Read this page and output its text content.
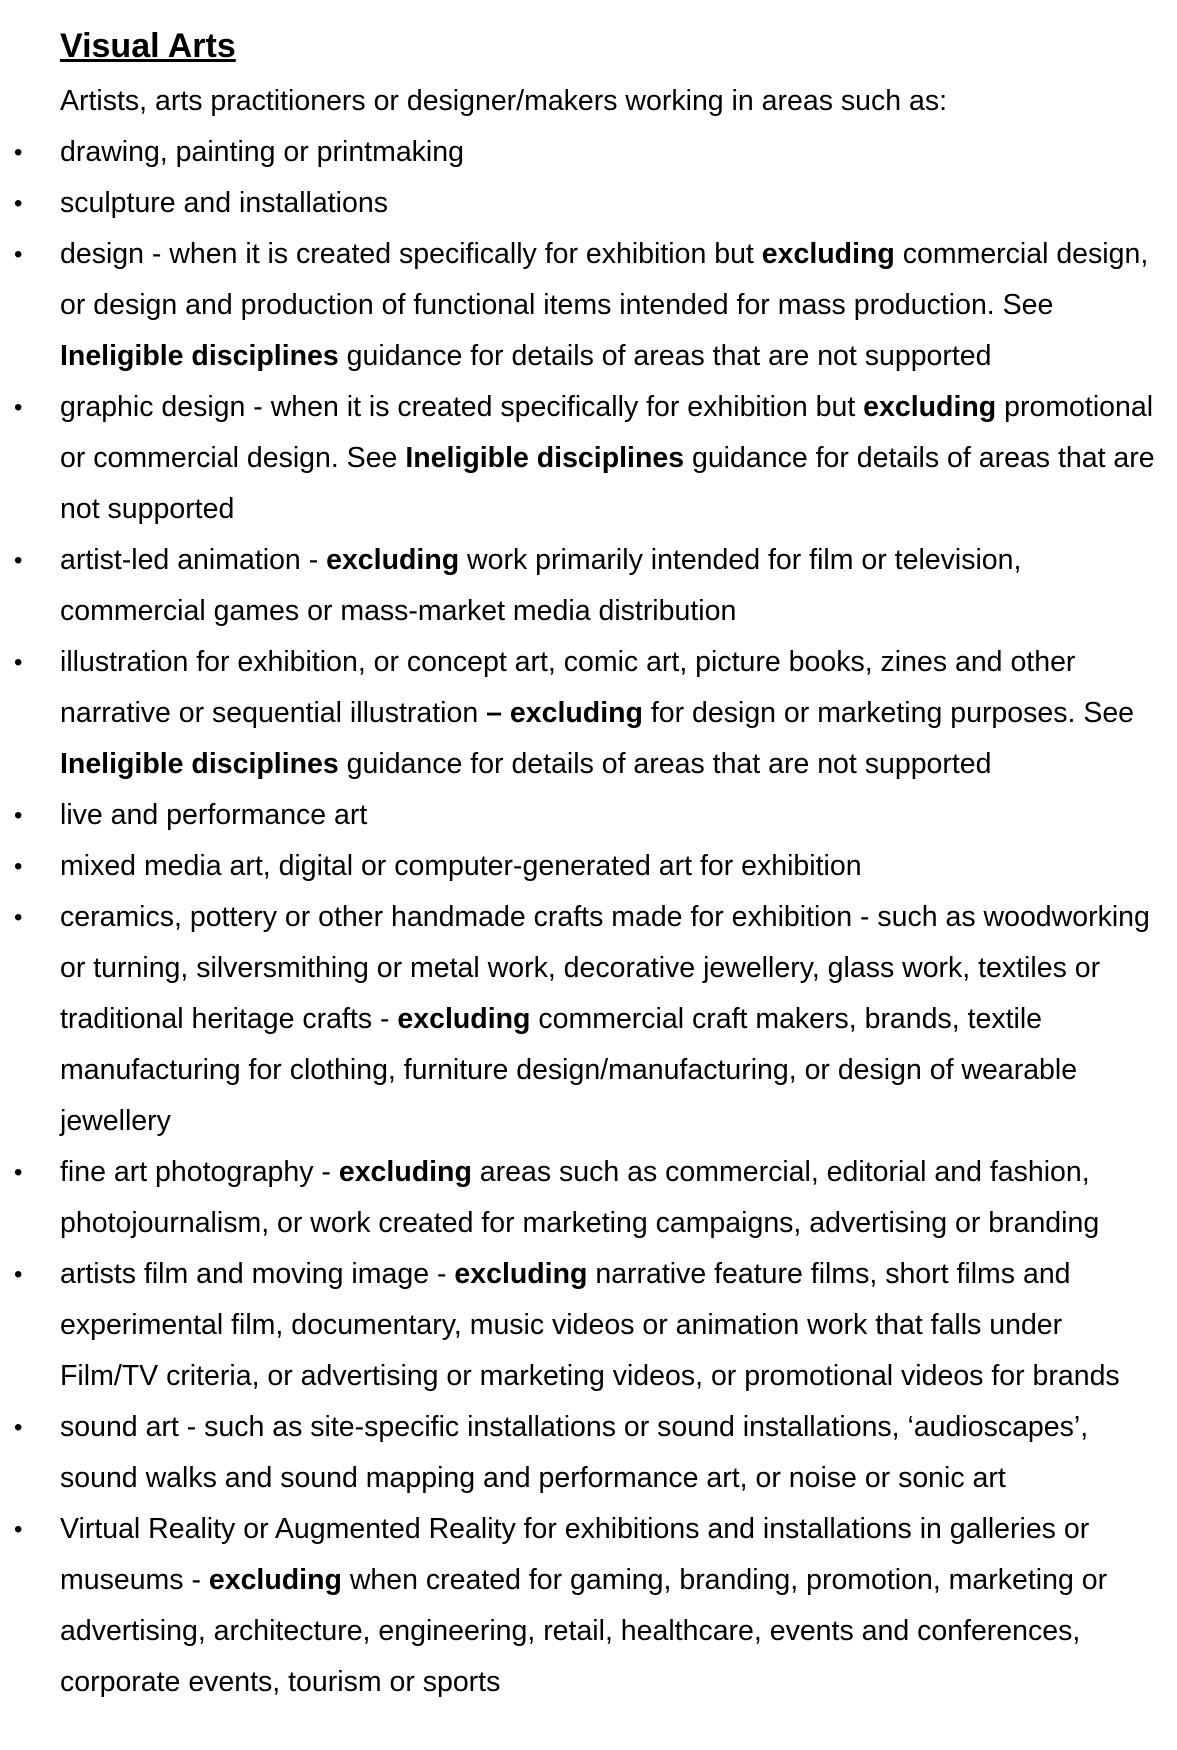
Visual Arts

Artists, arts practitioners or designer/makers working in areas such as:

• drawing, painting or printmaking
• sculpture and installations
• design - when it is created specifically for exhibition but excluding commercial design, or design and production of functional items intended for mass production. See Ineligible disciplines guidance for details of areas that are not supported
• graphic design - when it is created specifically for exhibition but excluding promotional or commercial design. See Ineligible disciplines guidance for details of areas that are not supported
• artist-led animation - excluding work primarily intended for film or television, commercial games or mass-market media distribution
• illustration for exhibition, or concept art, comic art, picture books, zines and other narrative or sequential illustration – excluding for design or marketing purposes. See Ineligible disciplines guidance for details of areas that are not supported
• live and performance art
• mixed media art, digital or computer-generated art for exhibition
• ceramics, pottery or other handmade crafts made for exhibition - such as woodworking or turning, silversmithing or metal work, decorative jewellery, glass work, textiles or traditional heritage crafts - excluding commercial craft makers, brands, textile manufacturing for clothing, furniture design/manufacturing, or design of wearable jewellery
• fine art photography - excluding areas such as commercial, editorial and fashion, photojournalism, or work created for marketing campaigns, advertising or branding
• artists film and moving image - excluding narrative feature films, short films and experimental film, documentary, music videos or animation work that falls under Film/TV criteria, or advertising or marketing videos, or promotional videos for brands
• sound art - such as site-specific installations or sound installations, ‘audioscapes’, sound walks and sound mapping and performance art, or noise or sonic art
• Virtual Reality or Augmented Reality for exhibitions and installations in galleries or museums - excluding when created for gaming, branding, promotion, marketing or advertising, architecture, engineering, retail, healthcare, events and conferences, corporate events, tourism or sports
